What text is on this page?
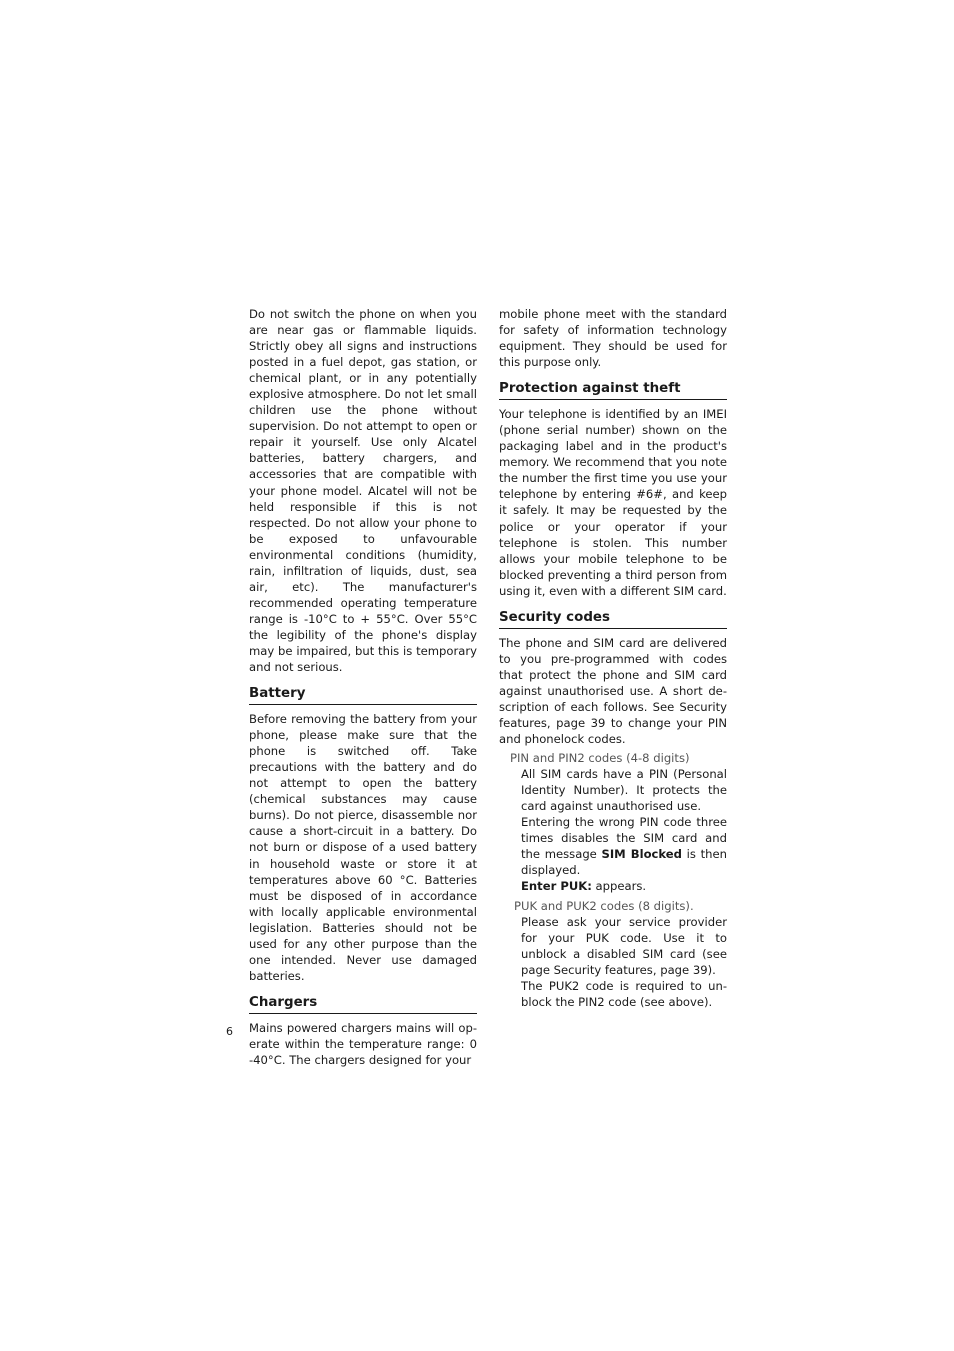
Do not switch the phone on when you are near gas or flammable liquids. Strictly obey all signs and instructions posted in a fuel depot, gas station, or chemical plant, or in any potentially explosive atmosphere. Do not let small children use the phone without supervision. Do not attempt to open or repair it yourself. Use only Alcatel batteries, battery chargers, and accessories that are compatible with your phone model. Alcatel will not be held responsible if this is not respected. Do not allow your phone to be exposed to unfavourable environmental conditions (humidity, rain, infiltration of liquids, dust, sea air, etc). The manufacturer's recommended operating temperature range is -10°C to + 55°C. Over 55°C the legibility of the phone's display may be impaired, but this is temporary and not serious.

Battery

Before removing the battery from your phone, please make sure that the phone is switched off. Take precautions with the battery and do not attempt to open the battery (chemical substances may cause burns). Do not pierce, disassemble nor cause a short-circuit in a battery. Do not burn or dispose of a used battery in household waste or store it at temperatures above 60 °C. Batteries must be disposed of in accordance with locally applicable environmental legislation. Batteries should not be used for any other purpose than the one intended. Never use damaged batteries.

Chargers

Mains powered chargers mains will operate within the temperature range: 0 -40°C. The chargers designed for your

mobile phone meet with the standard for safety of information technology equipment. They should be used for this purpose only.

Protection against theft

Your telephone is identified by an IMEI (phone serial number) shown on the packaging label and in the product's memory. We recommend that you note the number the first time you use your telephone by entering #6#, and keep it safely. It may be requested by the police or your operator if your telephone is stolen. This number allows your mobile telephone to be blocked preventing a third person from using it, even with a different SIM card.

Security codes

The phone and SIM card are delivered to you pre-programmed with codes that protect the phone and SIM card against unauthorised use. A short description of each follows. See Security features, page 39 to change your PIN and phonelock codes.

PIN and PIN2 codes (4-8 digits)

All SIM cards have a PIN (Personal Identity Number). It protects the card against unauthorised use.

Entering the wrong PIN code three times disables the SIM card and the message SIM Blocked is then displayed.

Enter PUK: appears.

PUK and PUK2 codes (8 digits).

Please ask your service provider for your PUK code. Use it to unblock a disabled SIM card (see page Security features, page 39).

The PUK2 code is required to unblock the PIN2 code (see above).

6
